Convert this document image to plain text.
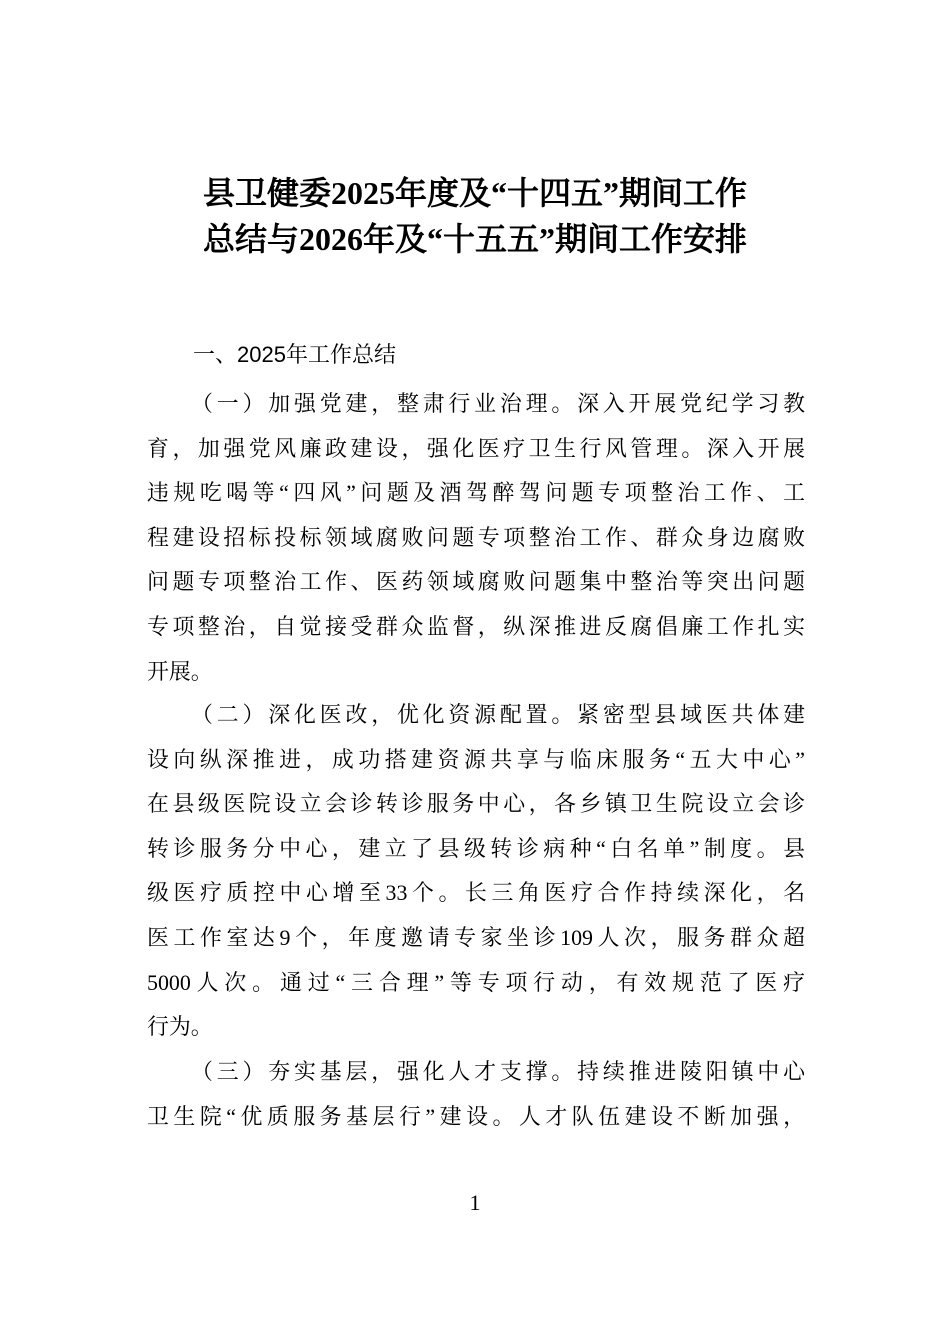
县卫健委2025年度及“十四五”期间工作
总结与2026年及“十五五”期间工作安排
一、2025年工作总结
（一）加强党建，整肃行业治理。深入开展党纪学习教
育，加强党风廉政建设，强化医疗卫生行风管理。深入开展
违规吃喝等“四风”问题及酒驾醉驾问题专项整治工作、工
程建设招标投标领域腐败问题专项整治工作、群众身边腐败
问题专项整治工作、医药领域腐败问题集中整治等突出问题
专项整治，自觉接受群众监督，纵深推进反腐倡廉工作扎实
开展。
（二）深化医改，优化资源配置。紧密型县域医共体建
设向纵深推进，成功搭建资源共享与临床服务“五大中心”
在县级医院设立会诊转诊服务中心，各乡镇卫生院设立会诊
转诊服务分中心，建立了县级转诊病种“白名单”制度。县
级医疗质控中心增至33个。长三角医疗合作持续深化，名
医工作室达9个，年度邀请专家坐诊109人次，服务群众超
5000人次。通过“三合理”等专项行动，有效规范了医疗
行为。
（三）夯实基层，强化人才支撑。持续推进陵阳镇中心
卫生院“优质服务基层行”建设。人才队伍建设不断加强，
1
